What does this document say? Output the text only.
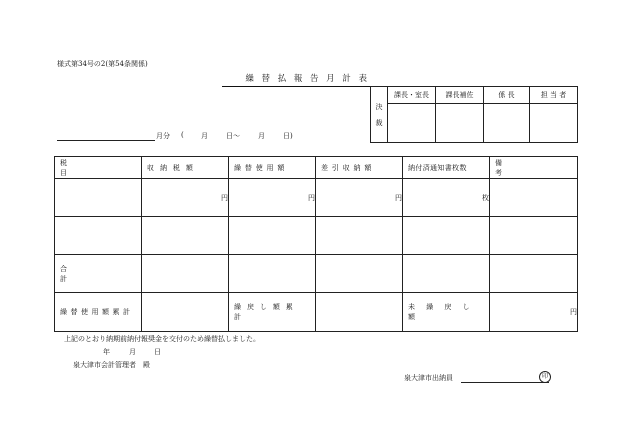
様式第34号の2(第54条関係)
繰替払報告月計表
決
裁	課長・室長	課長補佐	係 長	担 当 者

月分 ( 月	日〜	月	日)
税目	収納税額	繰替使用額	差引収納額	納付済通知書枚数	備考

	円	円	円	枚	

合計					

繰替使用額累計		繰戻し額累計		未繰戻し額	円
上記のとおり納期前納付報奨金を交付のため繰替払しました。
年	月	日
泉大津市会計管理者　殿
泉大津市出納員	印
